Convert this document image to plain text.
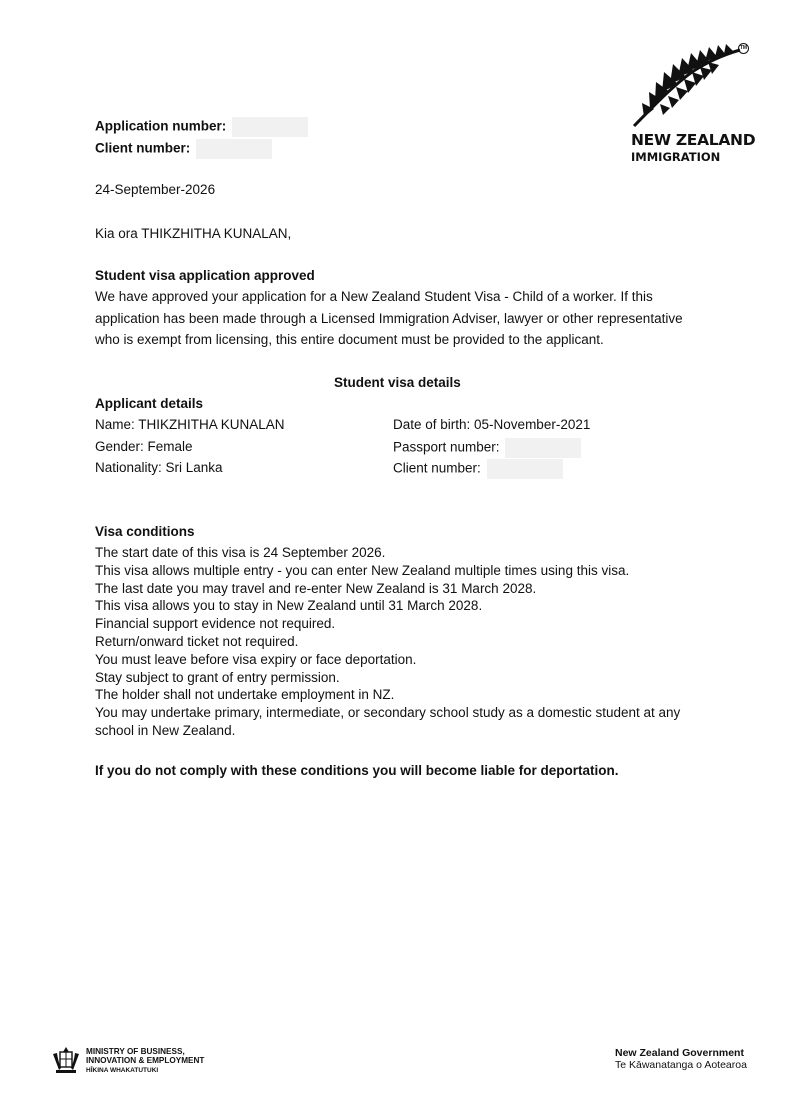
TM
NEW ZEALAND
IMMIGRATION
Application number:
Client number:
24-September-2026
Kia ora THIKZHITHA KUNALAN,
Student visa application approved
We have approved your application for a New Zealand Student Visa - Child of a worker. If this application has been made through a Licensed Immigration Adviser, lawyer or other representative who is exempt from licensing, this entire document must be provided to the applicant.
Student visa details
Applicant details
Name: THIKZHITHA KUNALAN
Gender: Female
Nationality: Sri Lanka
Date of birth: 05-November-2021
Passport number:
Client number:
Visa conditions
The start date of this visa is 24 September 2026.
This visa allows multiple entry - you can enter New Zealand multiple times using this visa.
The last date you may travel and re-enter New Zealand is 31 March 2028.
This visa allows you to stay in New Zealand until 31 March 2028.
Financial support evidence not required.
Return/onward ticket not required.
You must leave before visa expiry or face deportation.
Stay subject to grant of entry permission.
The holder shall not undertake employment in NZ.
You may undertake primary, intermediate, or secondary school study as a domestic student at any school in New Zealand.
If you do not comply with these conditions you will become liable for deportation.
MINISTRY OF BUSINESS,
INNOVATION & EMPLOYMENT
HĪKINA WHAKATUTUKI
New Zealand Government
Te Kāwanatanga o Aotearoa
